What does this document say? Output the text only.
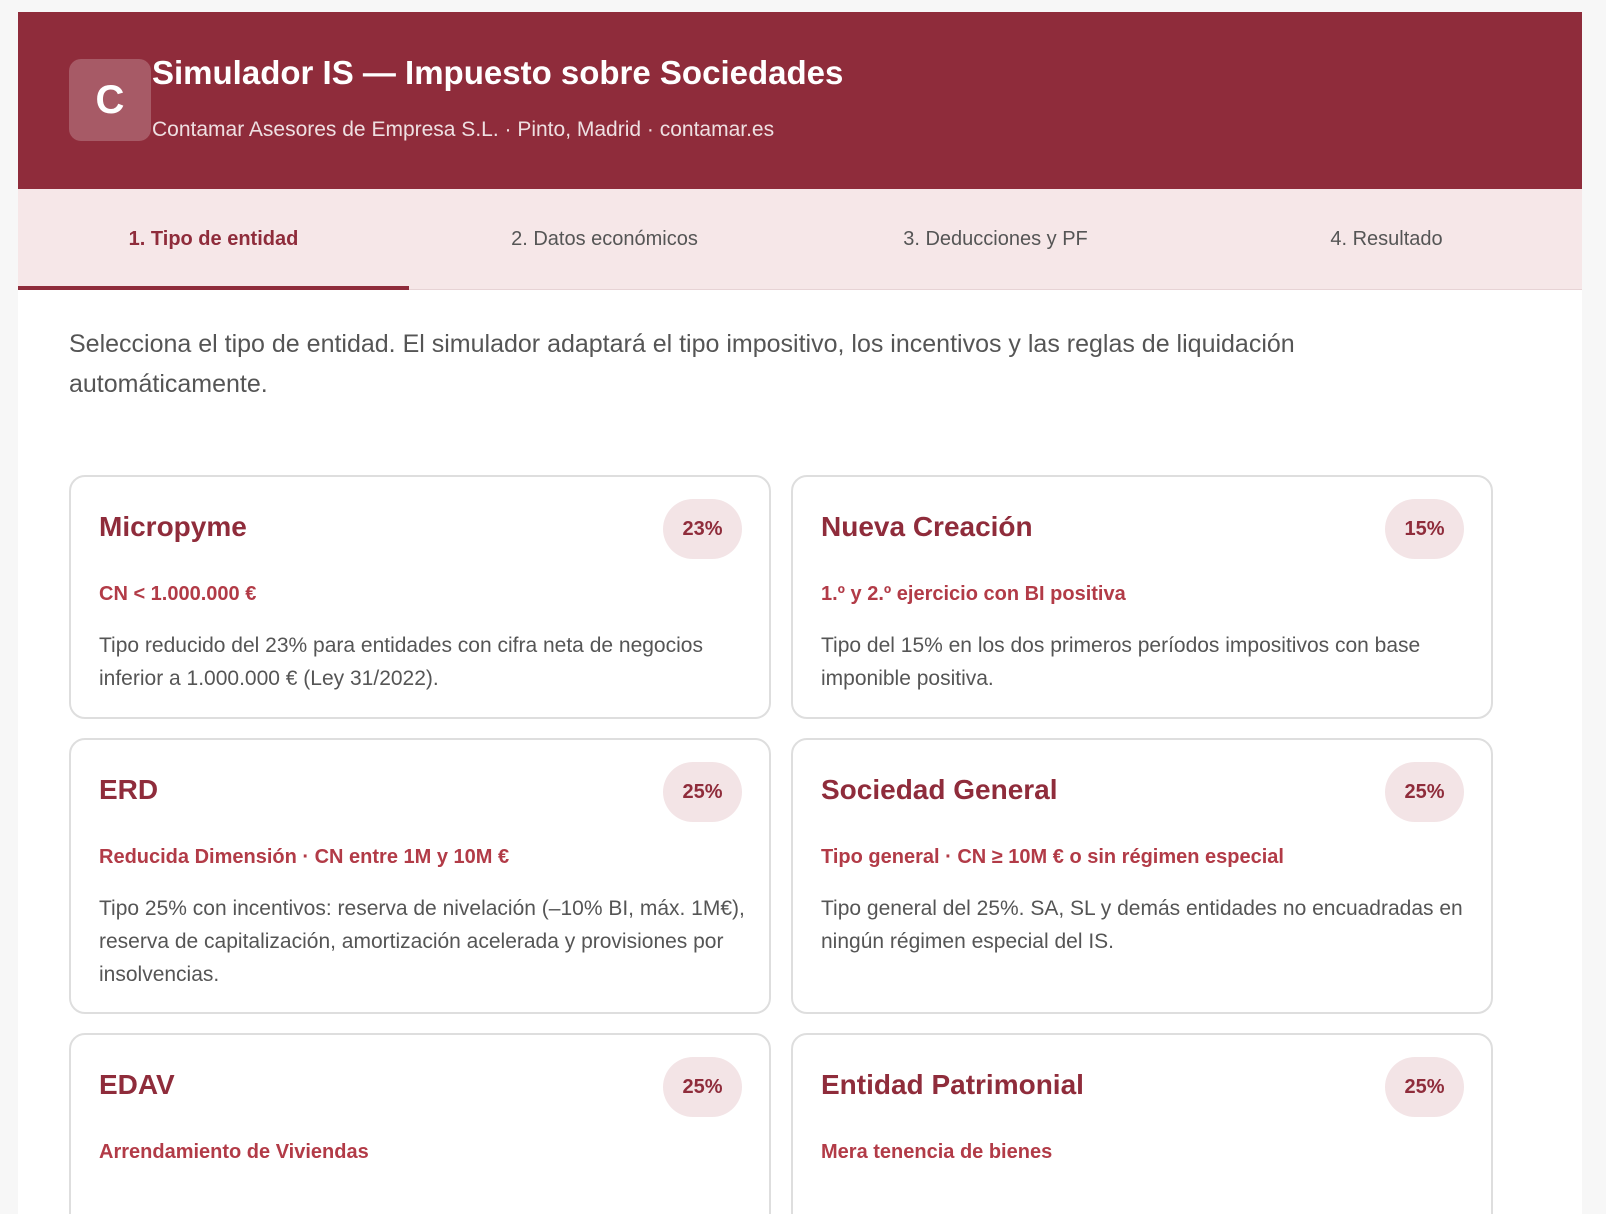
C
Simulador IS — Impuesto sobre Sociedades
Contamar Asesores de Empresa S.L. · Pinto, Madrid · contamar.es
1. Tipo de entidad	2. Datos económicos	3. Deducciones y PF	4. Resultado
Selecciona el tipo de entidad. El simulador adaptará el tipo impositivo, los incentivos y las reglas de liquidación automáticamente.
Micropyme	23%
CN < 1.000.000 €
Tipo reducido del 23% para entidades con cifra neta de negocios inferior a 1.000.000 € (Ley 31/2022).
Nueva Creación	15%
1.º y 2.º ejercicio con BI positiva
Tipo del 15% en los dos primeros períodos impositivos con base imponible positiva.
ERD	25%
Reducida Dimensión · CN entre 1M y 10M €
Tipo 25% con incentivos: reserva de nivelación (–10% BI, máx. 1M€), reserva de capitalización, amortización acelerada y provisiones por insolvencias.
Sociedad General	25%
Tipo general · CN ≥ 10M € o sin régimen especial
Tipo general del 25%. SA, SL y demás entidades no encuadradas en ningún régimen especial del IS.
EDAV	25%
Arrendamiento de Viviendas
Entidad Patrimonial	25%
Mera tenencia de bienes
